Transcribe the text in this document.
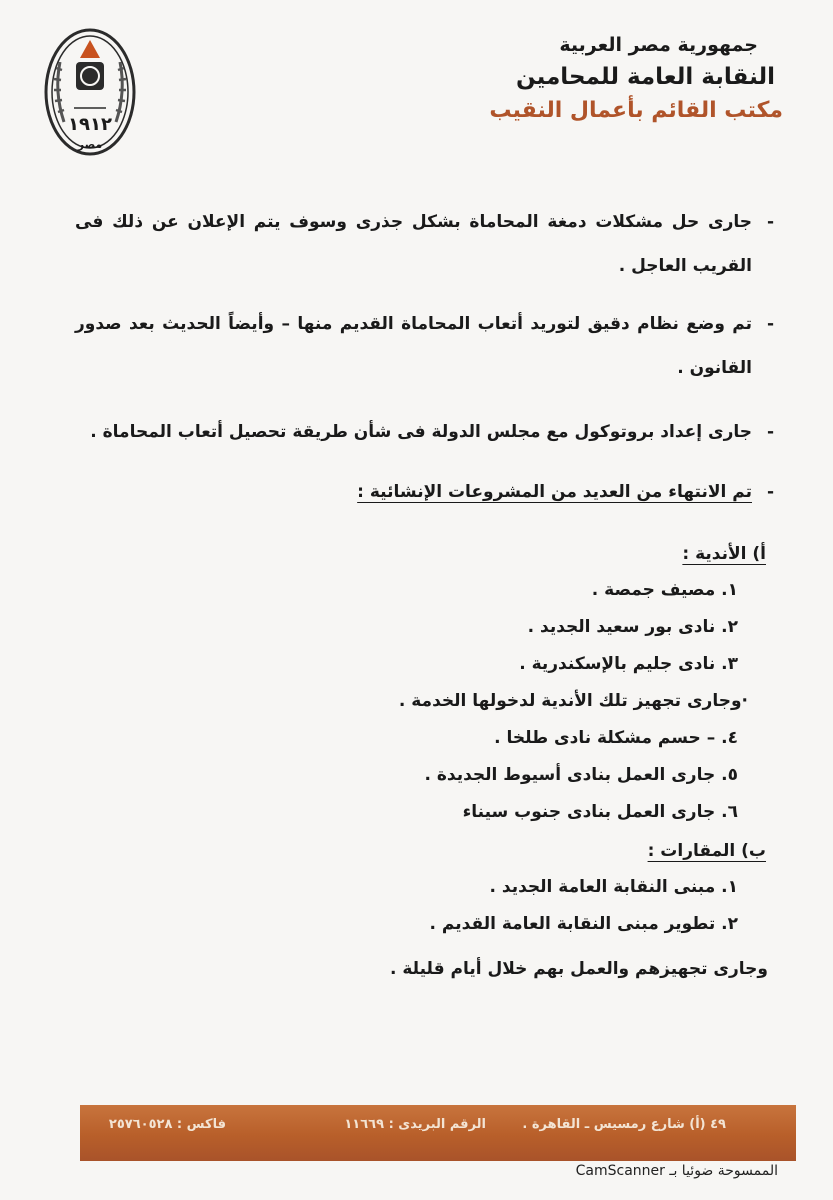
١٩١٢
مصر
جمهورية مصر العربية
النقابة العامة للمحامين
مكتب القائم بأعمال النقيب
- جارى حل مشكلات دمغة المحاماة بشكل جذرى وسوف يتم الإعلان عن ذلك فى القريب العاجل .
- تم وضع نظام دقيق لتوريد أتعاب المحاماة القديم منها – وأيضاً الحديث بعد صدور القانون .
- جارى إعداد بروتوكول مع مجلس الدولة فى شأن طريقة تحصيل أتعاب المحاماة .
- تم الانتهاء من العديد من المشروعات الإنشائية :
أ) الأندية :
١. مصيف جمصة .
٢. نادى بور سعيد الجديد .
٣. نادى جليم بالإسكندرية .
·وجارى تجهيز تلك الأندية لدخولها الخدمة .
٤. – حسم مشكلة نادى طلخا .
٥. جارى العمل بنادى أسيوط الجديدة .
٦. جارى العمل بنادى جنوب سيناء
ب) المقارات :
١. مبنى النقابة العامة الجديد .
٢. تطوير مبنى النقابة العامة القديم .
وجارى تجهيزهم والعمل بهم خلال أيام قليلة .
٤٩ (أ) شارع رمسيس ـ القاهرة .
الرقم البريدى : ١١٦٦٩
فاكس : ٢٥٧٦٠٥٢٨
الممسوحة ضوئيا بـ CamScanner
